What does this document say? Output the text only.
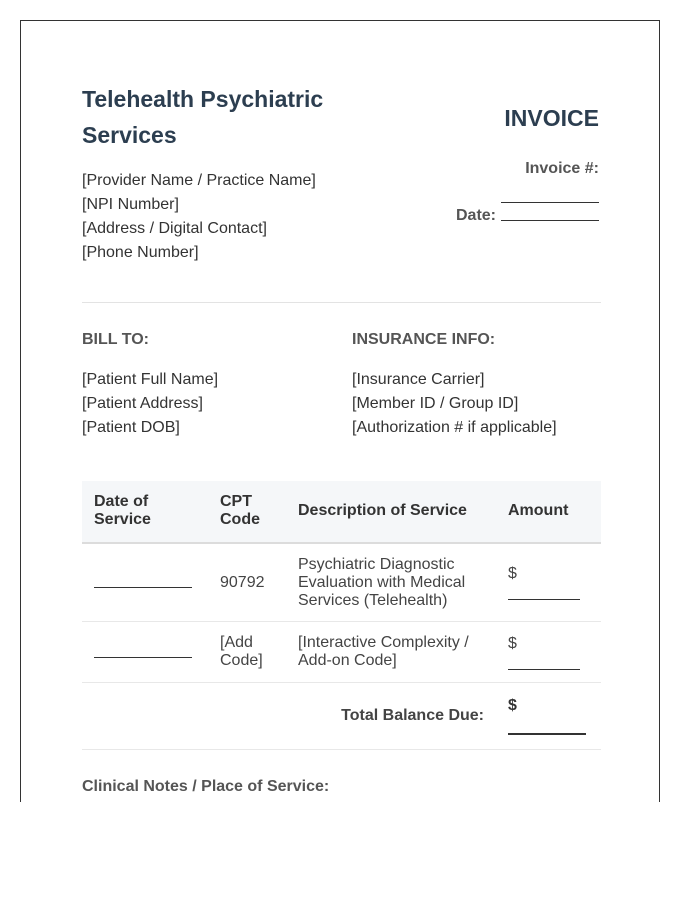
Telehealth Psychiatric Services
[Provider Name / Practice Name]
[NPI Number]
[Address / Digital Contact]
[Phone Number]
INVOICE
Invoice #:
Date:
BILL TO:
[Patient Full Name]
[Patient Address]
[Patient DOB]
INSURANCE INFO:
[Insurance Carrier]
[Member ID / Group ID]
[Authorization # if applicable]
Date of Service	CPT Code	Description of Service	Amount

	90792	Psychiatric Diagnostic Evaluation with Medical Services (Telehealth)	$

	[Add Code]	[Interactive Complexity / Add-on Code]	$

Total Balance Due:			$
Clinical Notes / Place of Service:
